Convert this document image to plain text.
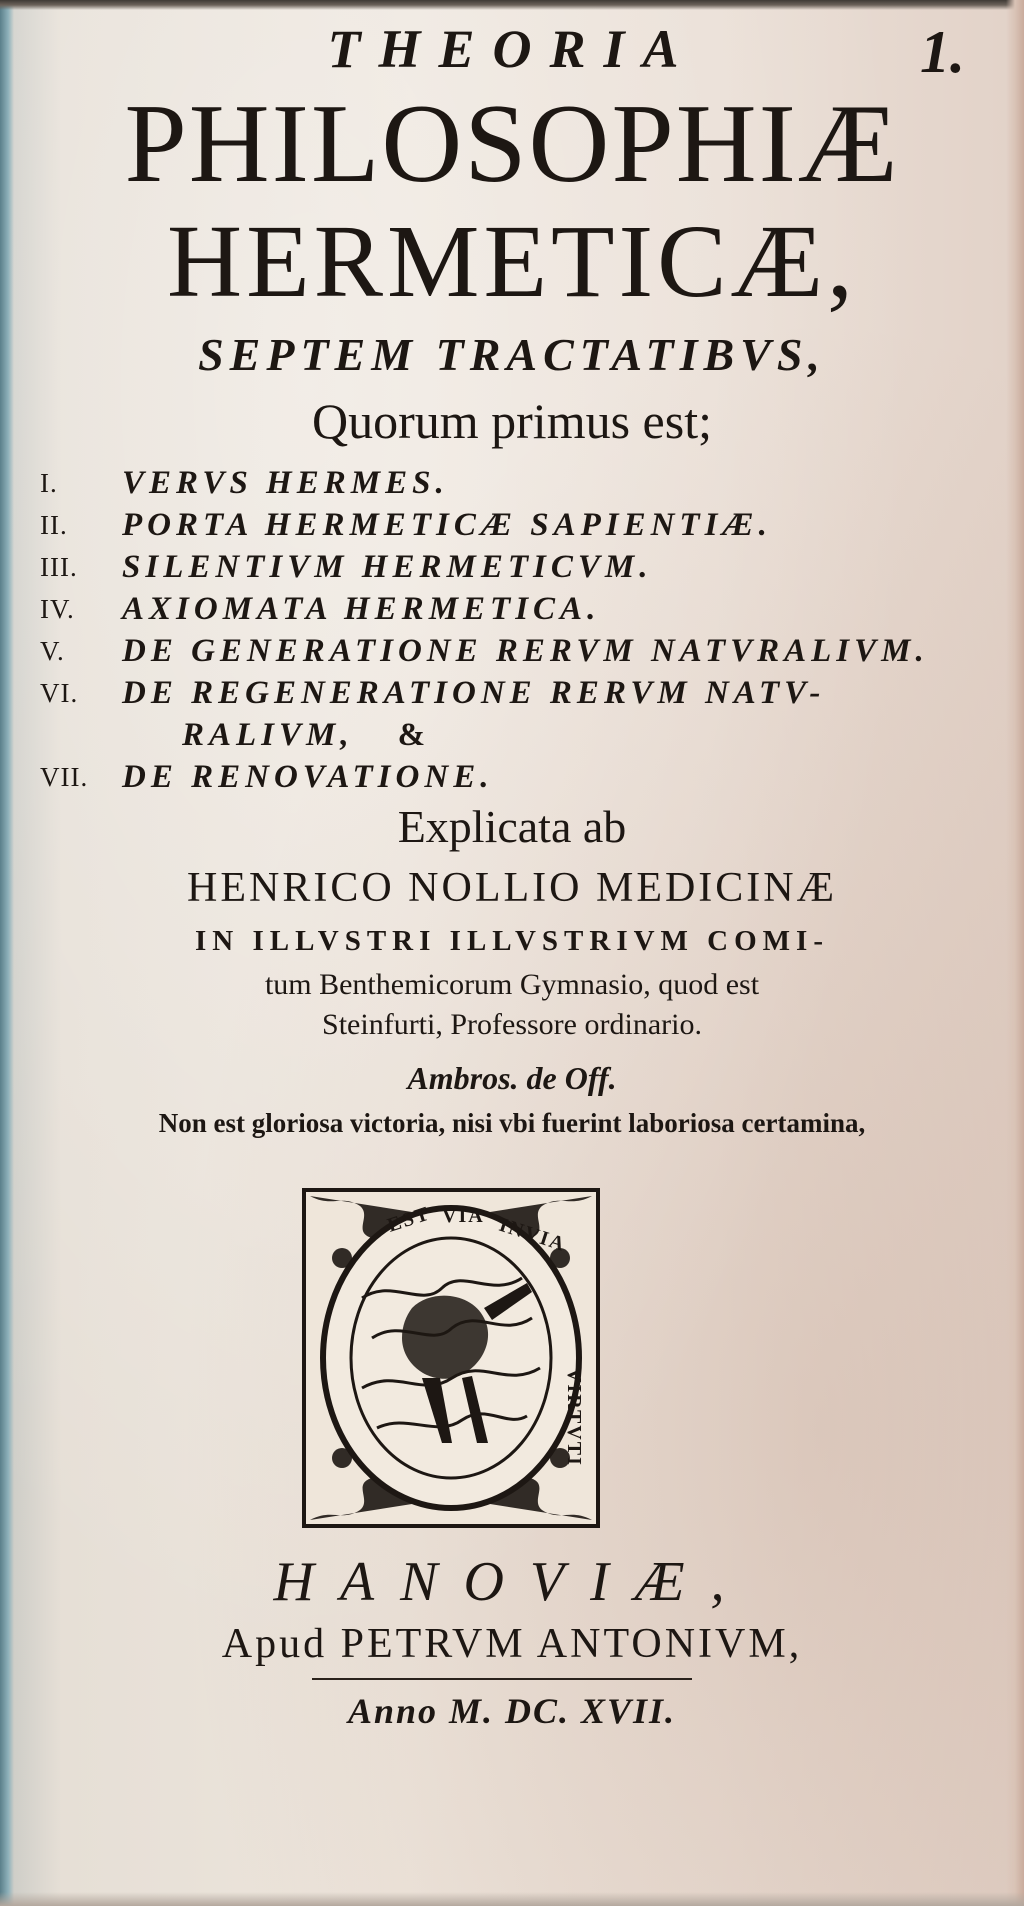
THEORIA	1.
PHILOSOPHIÆ
HERMETICÆ,
SEPTEM TRACTATIBVS,
Quorum primus est;
I.	VERVS HERMES.
II.	PORTA HERMETICÆ SAPIENTIÆ.
III.	SILENTIVM HERMETICVM.
IV.	AXIOMATA HERMETICA.
V.	DE GENERATIONE RERVM NATVRALIVM.
VI.	DE REGENERATIONE RERVM NATV-
RALIVM, &
VII.	DE RENOVATIONE.
Explicata ab
HENRICO NOLLIO MEDICINÆ
IN ILLVSTRI ILLVSTRIVM COMI-
tum Benthemicorum Gymnasio, quod est
Steinfurti, Professore ordinario.
Ambros. de Off.
Non est gloriosa victoria, nisi vbi fuerint laboriosa certamina,
EST VIA INVIA
VIRTVTI
HANOVIÆ,
Apud PETRVM ANTONIVM,
Anno M. DC. XVII.
